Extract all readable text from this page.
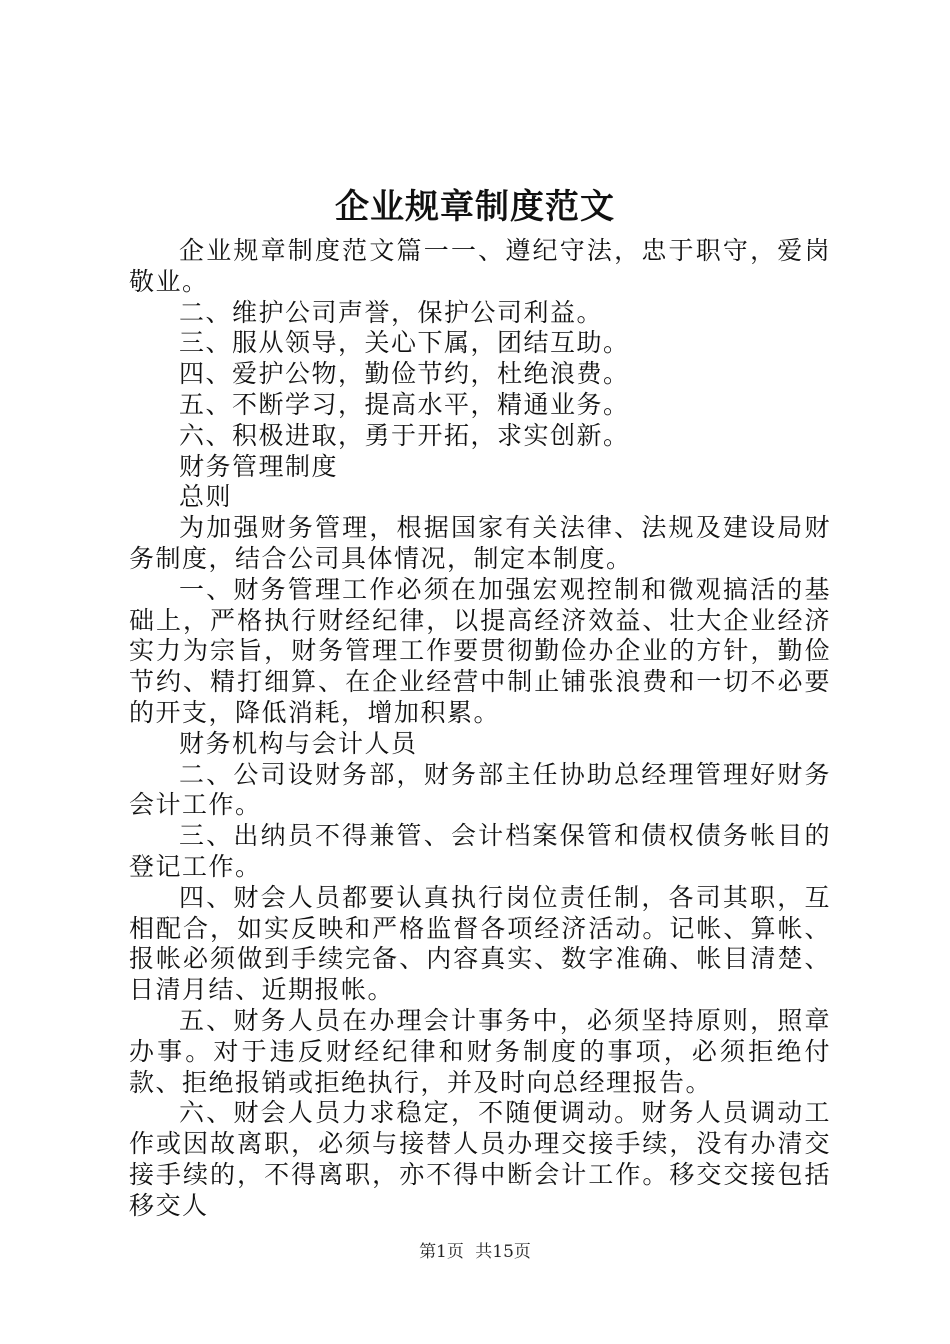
企业规章制度范文

企业规章制度范文篇一一、遵纪守法，忠于职守，爱岗敬业。

二、维护公司声誉，保护公司利益。

三、服从领导，关心下属，团结互助。

四、爱护公物，勤俭节约，杜绝浪费。

五、不断学习，提高水平，精通业务。

六、积极进取，勇于开拓，求实创新。

财务管理制度

总则

为加强财务管理，根据国家有关法律、法规及建设局财务制度，结合公司具体情况，制定本制度。

一、财务管理工作必须在加强宏观控制和微观搞活的基础上，严格执行财经纪律，以提高经济效益、壮大企业经济实力为宗旨，财务管理工作要贯彻勤俭办企业的方针，勤俭节约、精打细算、在企业经营中制止铺张浪费和一切不必要的开支，降低消耗，增加积累。

财务机构与会计人员

二、公司设财务部，财务部主任协助总经理管理好财务会计工作。

三、出纳员不得兼管、会计档案保管和债权债务帐目的登记工作。

四、财会人员都要认真执行岗位责任制，各司其职，互相配合，如实反映和严格监督各项经济活动。记帐、算帐、报帐必须做到手续完备、内容真实、数字准确、帐目清楚、日清月结、近期报帐。

五、财务人员在办理会计事务中，必须坚持原则，照章办事。对于违反财经纪律和财务制度的事项，必须拒绝付款、拒绝报销或拒绝执行，并及时向总经理报告。

六、财会人员力求稳定，不随便调动。财务人员调动工作或因故离职，必须与接替人员办理交接手续，没有办清交接手续的，不得离职，亦不得中断会计工作。移交交接包括移交人

第1页 共15页
